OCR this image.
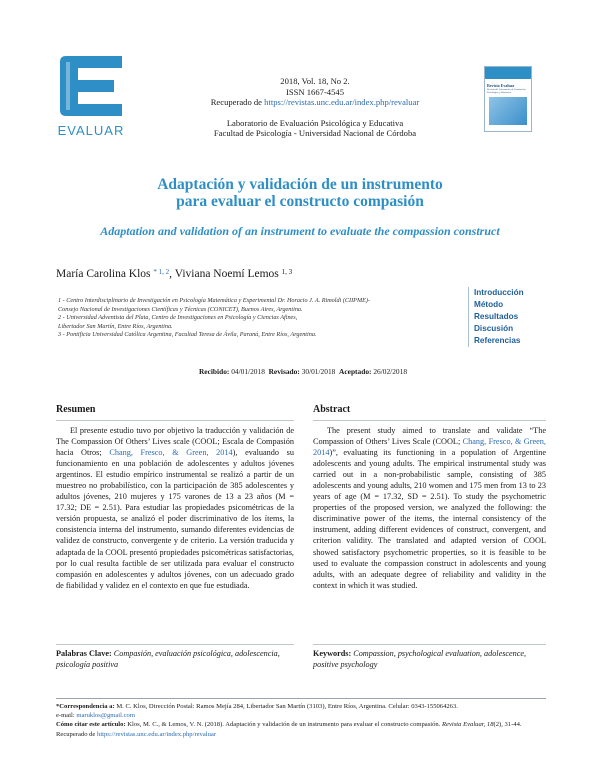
EVALUAR
2018, Vol. 18, No 2.
ISSN 1667-4545
Recuperado de https://revistas.unc.edu.ar/index.php/revaluar
Laboratorio de Evaluación Psicológica y Educativa
Facultad de Psicología - Universidad Nacional de Córdoba
Revista Evaluar
Revista del Laboratorio de Evaluación Psicológica y Educativa
Adaptación y validación de un instrumento
para evaluar el constructo compasión
Adaptation and validation of an instrument to evaluate the compassion construct
María Carolina Klos $^{* 1, 2}$, Viviana Noemí Lemos $^{1, 3}$
1 - Centro Interdisciplinario de Investigación en Psicología Matemática y Experimental Dr. Horacio J. A. Rimoldi (CIIPME)-
Consejo Nacional de Investigaciones Científicas y Técnicas (CONICET), Buenos Aires, Argentina.
2 - Universidad Adventista del Plata, Centro de Investigaciones en Psicología y Ciencias Afines,
Libertador San Martín, Entre Ríos, Argentina.
3 - Pontificia Universidad Católica Argentina, Facultad Teresa de Ávila, Paraná, Entre Ríos, Argentina.
Introducción
Método
Resultados
Discusión
Referencias
Recibido: 04/01/2018 Revisado: 30/01/2018 Aceptado: 26/02/2018
Resumen
El presente estudio tuvo por objetivo la traducción y validación de The Compassion Of Others’ Lives scale (COOL; Escala de Compasión hacia Otros; Chang, Fresco, & Green, 2014), evaluando su funcionamiento en una población de adolescentes y adultos jóvenes argentinos. El estudio empírico instrumental se realizó a partir de un muestreo no probabilístico, con la participación de 385 adolescentes y adultos jóvenes, 210 mujeres y 175 varones de 13 a 23 años (M = 17.32; DE = 2.51). Para estudiar las propiedades psicométricas de la versión propuesta, se analizó el poder discriminativo de los ítems, la consistencia interna del instrumento, sumando diferentes evidencias de validez de constructo, convergente y de criterio. La versión traducida y adaptada de la COOL presentó propiedades psicométricas satisfactorias, por lo cual resulta factible de ser utilizada para evaluar el constructo compasión en adolescentes y adultos jóvenes, con un adecuado grado de fiabilidad y validez en el contexto en que fue estudiada.
Palabras Clave: Compasión, evaluación psicológica, adolescencia, psicología positiva
Abstract
The present study aimed to translate and validate “The Compassion of Others’ Lives Scale (COOL; Chang, Fresco, & Green, 2014)”, evaluating its functioning in a population of Argentine adolescents and young adults. The empirical instrumental study was carried out in a non-probabilistic sample, consisting of 385 adolescents and young adults, 210 women and 175 men from 13 to 23 years of age (M = 17.32, SD = 2.51). To study the psychometric properties of the proposed version, we analyzed the following: the discriminative power of the items, the internal consistency of the instrument, adding different evidences of construct, convergent, and criterion validity. The translated and adapted version of COOL showed satisfactory psychometric properties, so it is feasible to be used to evaluate the compassion construct in adolescents and young adults, with an adequate degree of reliability and validity in the context in which it was studied.
Keywords: Compassion, psychological evaluation, adolescence, positive psychology
*Correspondencia a: M. C. Klos, Dirección Postal: Ramos Mejía 284, Libertador San Martín (3103), Entre Ríos, Argentina. Celular: 0343-155064263.
e-mail: maruklos@gmail.com
Cómo citar este artículo: Klos, M. C., & Lemos, V. N. (2018). Adaptación y validación de un instrumento para evaluar el constructo compasión. Revista Evaluar, 18(2), 31-44. Recuperado de https://revistas.unc.edu.ar/index.php/revaluar
